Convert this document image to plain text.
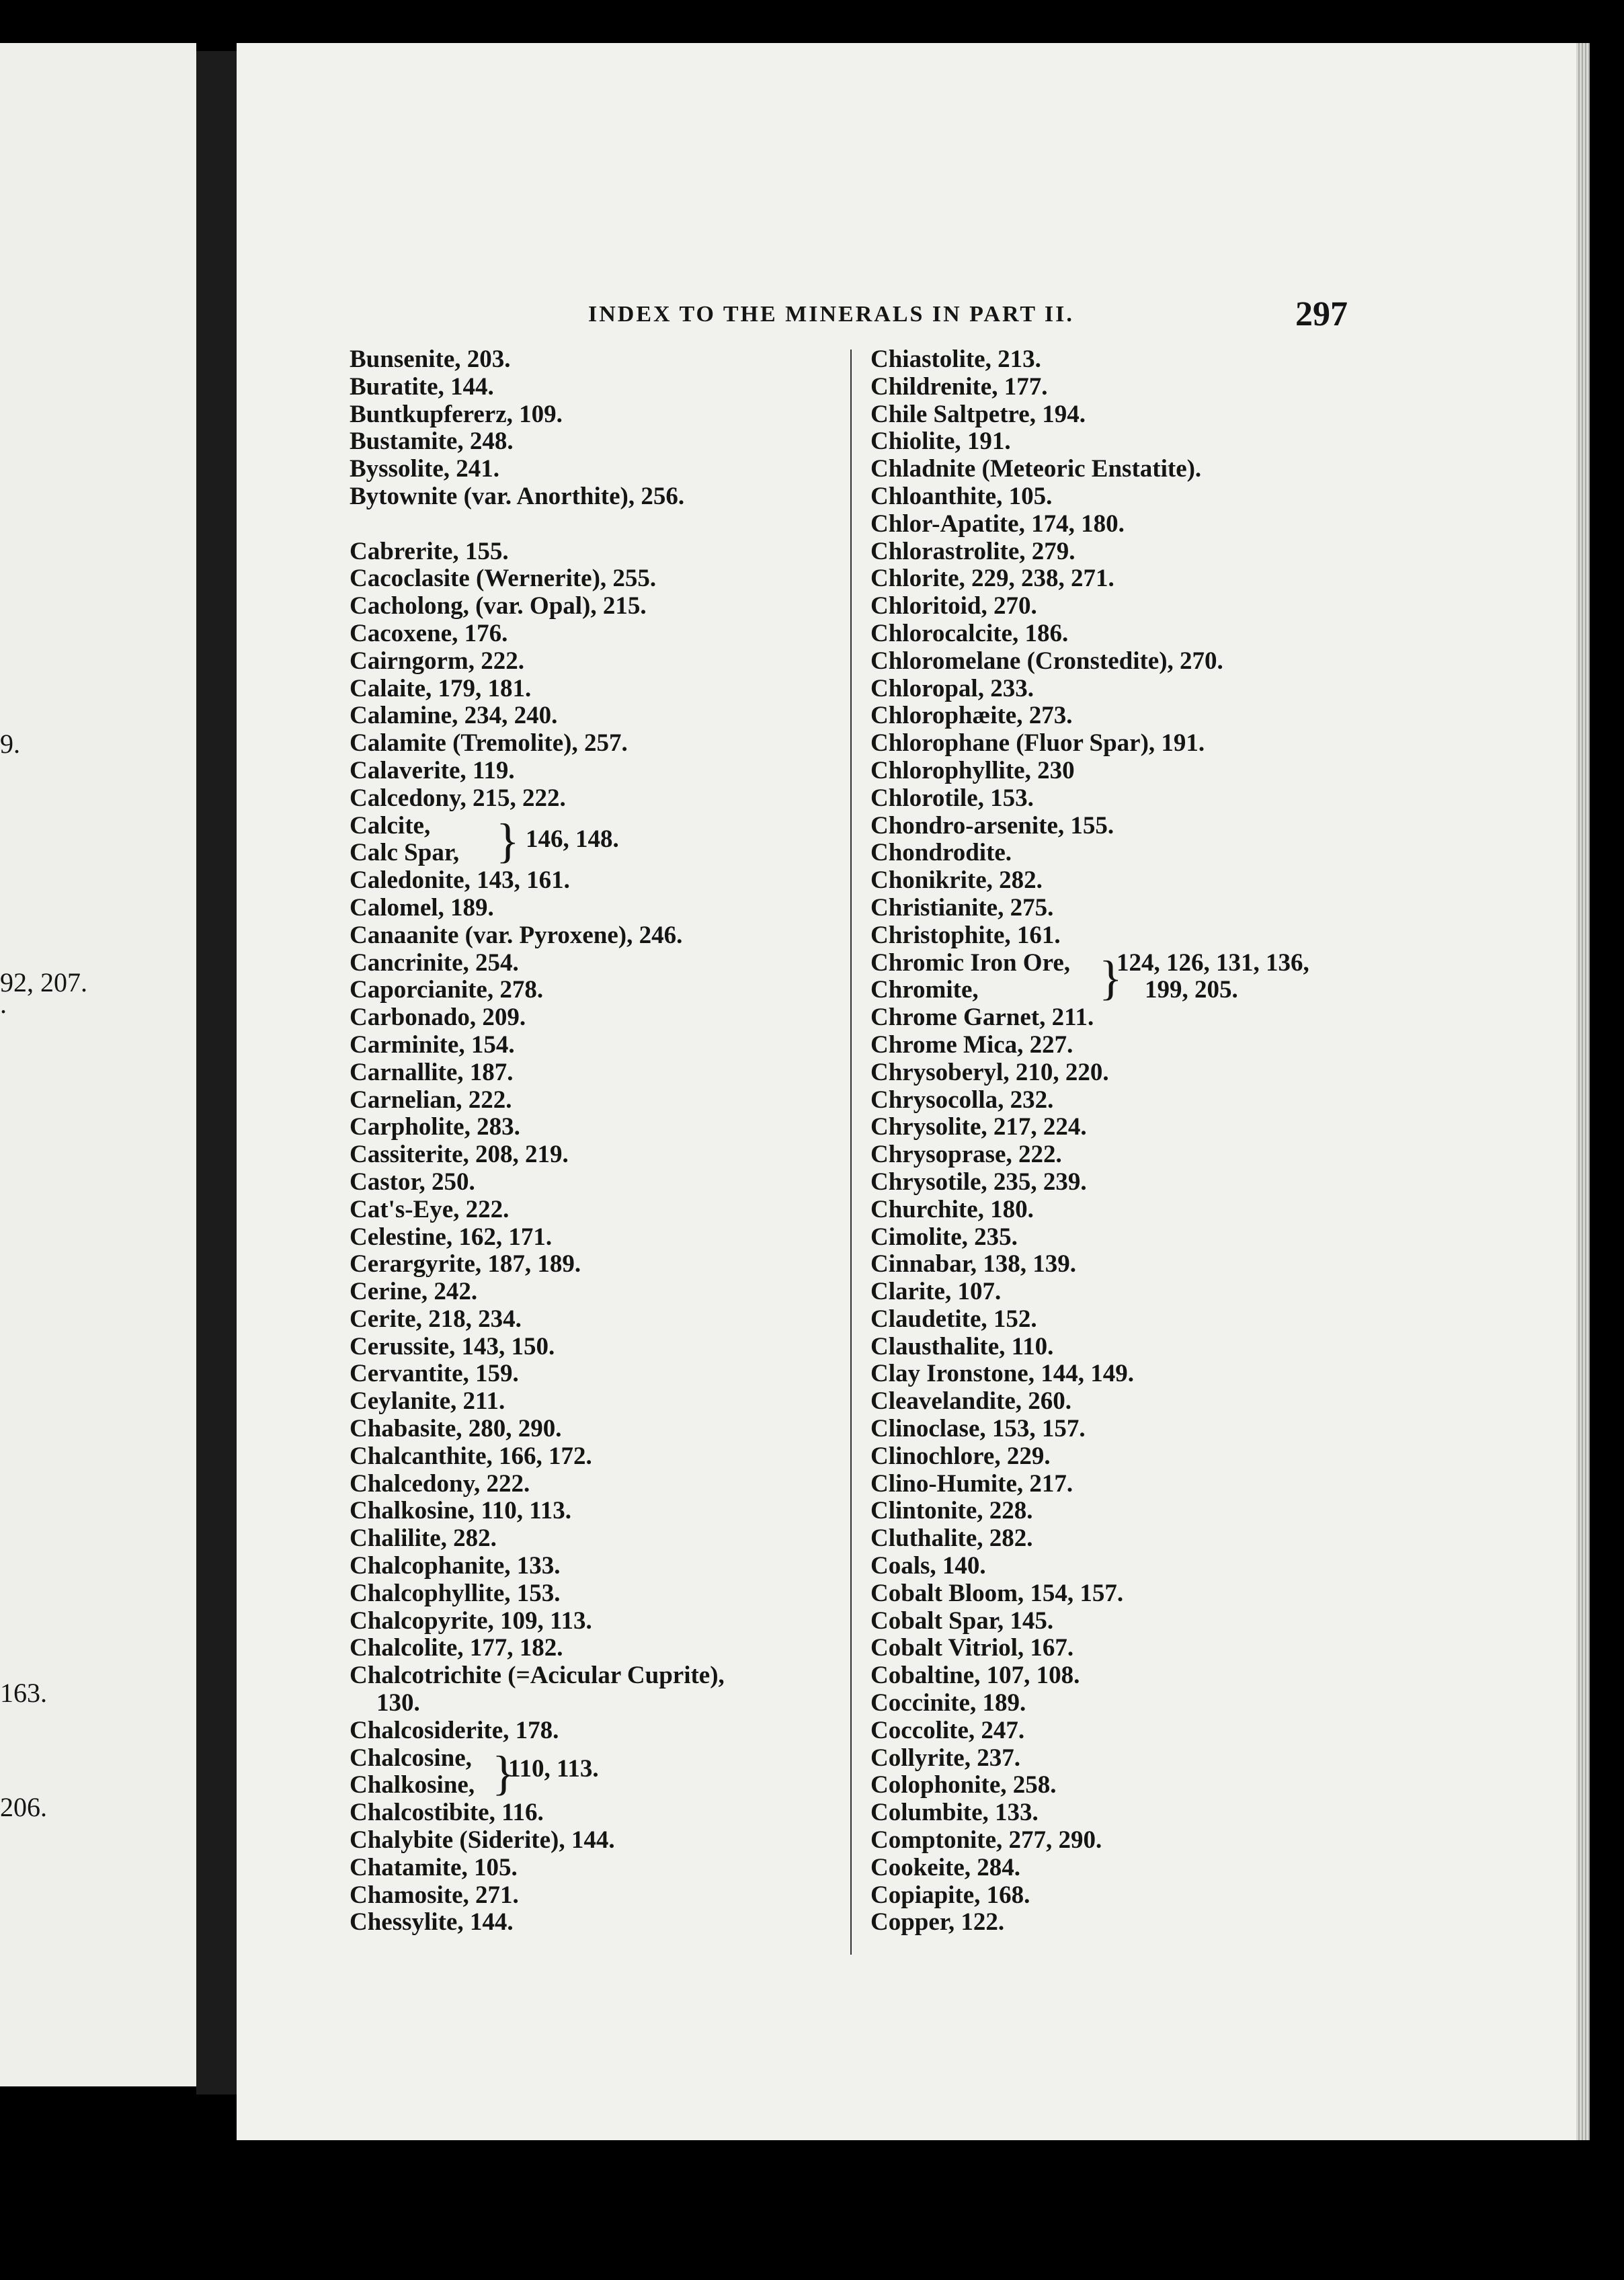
9.
92, 207.
.
163.
206.
INDEX TO THE MINERALS IN PART II.	297
Bunsenite, 203.
Buratite, 144.
Buntkupfererz, 109.
Bustamite, 248.
Byssolite, 241.
Bytownite (var. Anorthite), 256.
Cabrerite, 155.
Cacoclasite (Wernerite), 255.
Cacholong, (var. Opal), 215.
Cacoxene, 176.
Cairngorm, 222.
Calaite, 179, 181.
Calamine, 234, 240.
Calamite (Tremolite), 257.
Calaverite, 119.
Calcedony, 215, 222.
Calcite,
Calc Spar, } 146, 148.
Caledonite, 143, 161.
Calomel, 189.
Canaanite (var. Pyroxene), 246.
Cancrinite, 254.
Caporcianite, 278.
Carbonado, 209.
Carminite, 154.
Carnallite, 187.
Carnelian, 222.
Carpholite, 283.
Cassiterite, 208, 219.
Castor, 250.
Cat's-Eye, 222.
Celestine, 162, 171.
Cerargyrite, 187, 189.
Cerine, 242.
Cerite, 218, 234.
Cerussite, 143, 150.
Cervantite, 159.
Ceylanite, 211.
Chabasite, 280, 290.
Chalcanthite, 166, 172.
Chalcedony, 222.
Chalkosine, 110, 113.
Chalilite, 282.
Chalcophanite, 133.
Chalcophyllite, 153.
Chalcopyrite, 109, 113.
Chalcolite, 177, 182.
Chalcotrichite (=Acicular Cuprite),
130.
Chalcosiderite, 178.
Chalcosine,
Chalkosine, }
110, 113.
Chalcostibite, 116.
Chalybite (Siderite), 144.
Chatamite, 105.
Chamosite, 271.
Chessylite, 144.
Chiastolite, 213.
Childrenite, 177.
Chile Saltpetre, 194.
Chiolite, 191.
Chladnite (Meteoric Enstatite).
Chloanthite, 105.
Chlor-Apatite, 174, 180.
Chlorastrolite, 279.
Chlorite, 229, 238, 271.
Chloritoid, 270.
Chlorocalcite, 186.
Chloromelane (Cronstedite), 270.
Chloropal, 233.
Chlorophæite, 273.
Chlorophane (Fluor Spar), 191.
Chlorophyllite, 230
Chlorotile, 153.
Chondro-arsenite, 155.
Chondrodite.
Chonikrite, 282.
Christianite, 275.
Christophite, 161.
Chromic Iron Ore,
Chromite,	}
124, 126, 131, 136,
199, 205.
Chrome Garnet, 211.
Chrome Mica, 227.
Chrysoberyl, 210, 220.
Chrysocolla, 232.
Chrysolite, 217, 224.
Chrysoprase, 222.
Chrysotile, 235, 239.
Churchite, 180.
Cimolite, 235.
Cinnabar, 138, 139.
Clarite, 107.
Claudetite, 152.
Clausthalite, 110.
Clay Ironstone, 144, 149.
Cleavelandite, 260.
Clinoclase, 153, 157.
Clinochlore, 229.
Clino-Humite, 217.
Clintonite, 228.
Cluthalite, 282.
Coals, 140.
Cobalt Bloom, 154, 157.
Cobalt Spar, 145.
Cobalt Vitriol, 167.
Cobaltine, 107, 108.
Coccinite, 189.
Coccolite, 247.
Collyrite, 237.
Colophonite, 258.
Columbite, 133.
Comptonite, 277, 290.
Cookeite, 284.
Copiapite, 168.
Copper, 122.
